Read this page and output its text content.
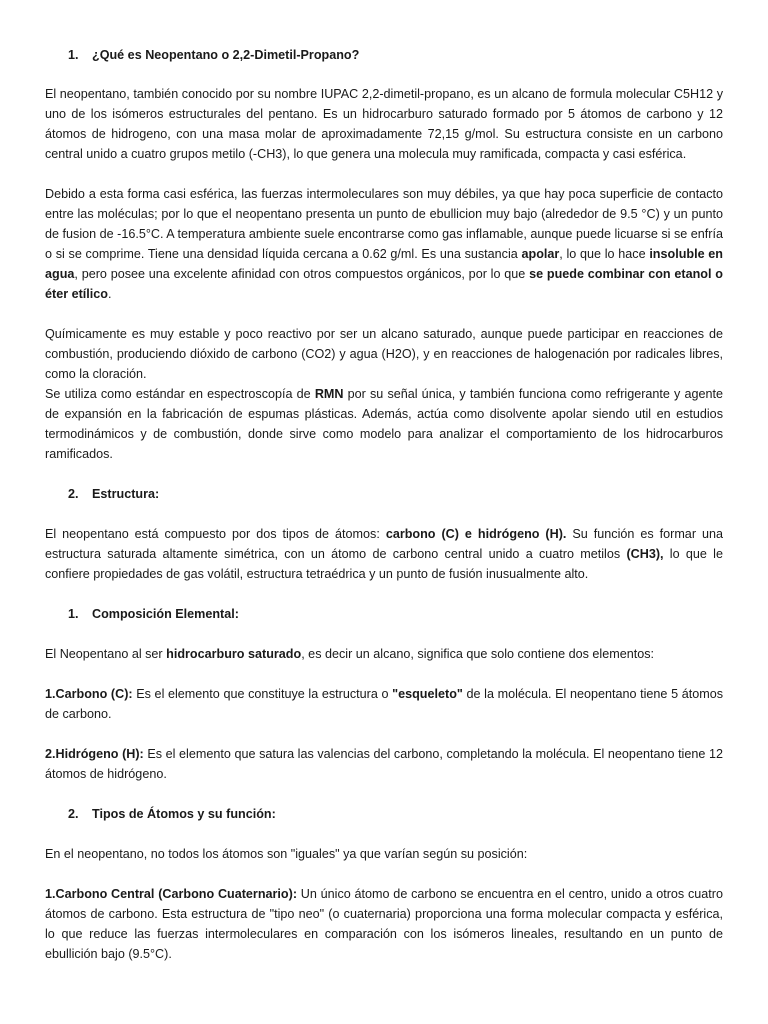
1. ¿Qué es Neopentano o 2,2-Dimetil-Propano?

El neopentano, también conocido por su nombre IUPAC 2,2-dimetil-propano, es un alcano de formula molecular C5H12 y uno de los isómeros estructurales del pentano. Es un hidrocarburo saturado formado por 5 átomos de carbono y 12 átomos de hidrogeno, con una masa molar de aproximadamente 72,15 g/mol. Su estructura consiste en un carbono central unido a cuatro grupos metilo (-CH3), lo que genera una molecula muy ramificada, compacta y casi esférica.

Debido a esta forma casi esférica, las fuerzas intermoleculares son muy débiles, ya que hay poca superficie de contacto entre las moléculas; por lo que el neopentano presenta un punto de ebullicion muy bajo (alrededor de 9.5 °C) y un punto de fusion de -16.5°C. A temperatura ambiente suele encontrarse como gas inflamable, aunque puede licuarse si se enfría o si se comprime. Tiene una densidad líquida cercana a 0.62 g/ml. Es una sustancia apolar, lo que lo hace insoluble en agua, pero posee una excelente afinidad con otros compuestos orgánicos, por lo que se puede combinar con etanol o éter etílico.

Químicamente es muy estable y poco reactivo por ser un alcano saturado, aunque puede participar en reacciones de combustión, produciendo dióxido de carbono (CO2) y agua (H2O), y en reacciones de halogenación por radicales libres, como la cloración.

Se utiliza como estándar en espectroscopía de RMN por su señal única, y también funciona como refrigerante y agente de expansión en la fabricación de espumas plásticas. Además, actúa como disolvente apolar siendo util en estudios termodinámicos y de combustión, donde sirve como modelo para analizar el comportamiento de los hidrocarburos ramificados.

2. Estructura:

El neopentano está compuesto por dos tipos de átomos: carbono (C) e hidrógeno (H). Su función es formar una estructura saturada altamente simétrica, con un átomo de carbono central unido a cuatro metilos (CH3), lo que le confiere propiedades de gas volátil, estructura tetraédrica y un punto de fusión inusualmente alto.

1. Composición Elemental:

El Neopentano al ser hidrocarburo saturado, es decir un alcano, significa que solo contiene dos elementos:

1.Carbono (C): Es el elemento que constituye la estructura o "esqueleto" de la molécula. El neopentano tiene 5 átomos de carbono.

2.Hidrógeno (H): Es el elemento que satura las valencias del carbono, completando la molécula. El neopentano tiene 12 átomos de hidrógeno.

2. Tipos de Átomos y su función:

En el neopentano, no todos los átomos son "iguales" ya que varían según su posición:

1.Carbono Central (Carbono Cuaternario): Un único átomo de carbono se encuentra en el centro, unido a otros cuatro átomos de carbono. Esta estructura de "tipo neo" (o cuaternaria) proporciona una forma molecular compacta y esférica, lo que reduce las fuerzas intermoleculares en comparación con los isómeros lineales, resultando en un punto de ebullición bajo (9.5°C).
